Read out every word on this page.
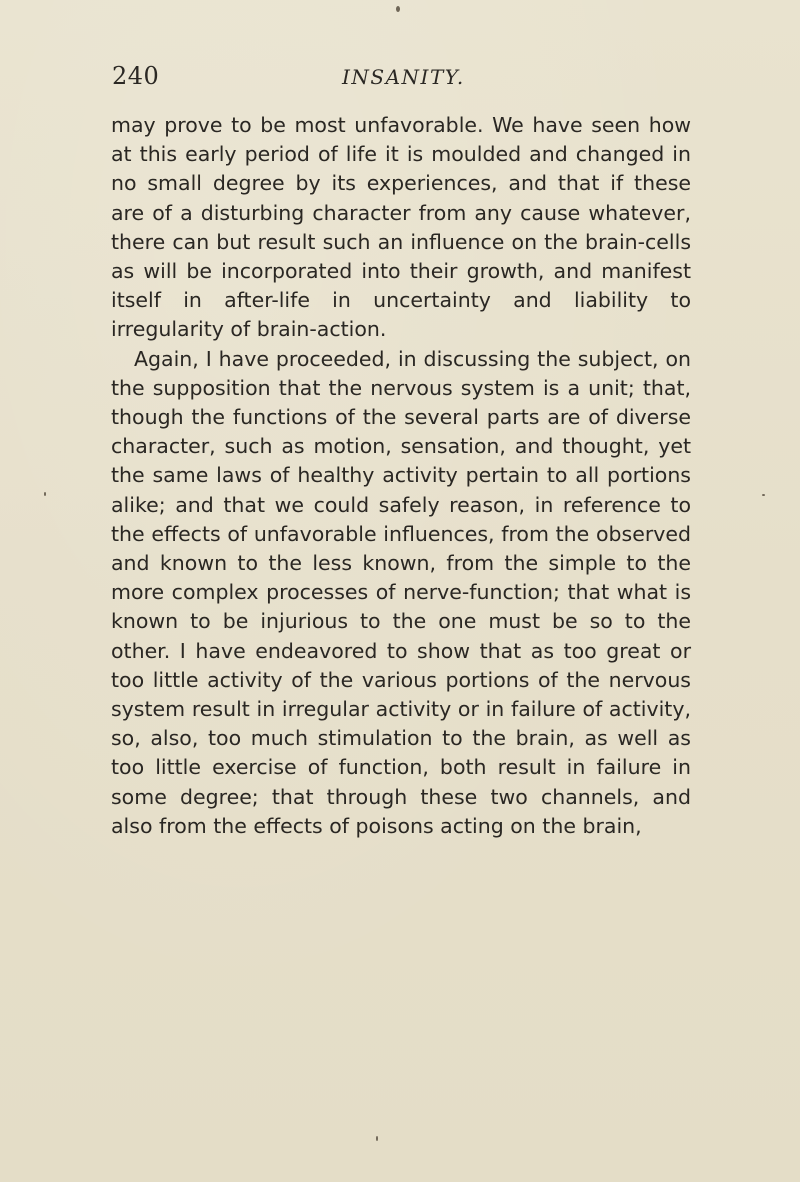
240	INSANITY.

may prove to be most unfavorable. We have seen how at this early period of life it is moulded and changed in no small degree by its experiences, and that if these are of a disturbing character from any cause whatever, there can but result such an influence on the brain-cells as will be incorporated into their growth, and manifest itself in after-life in uncertainty and liability to irregularity of brain-action.

Again, I have proceeded, in discussing the subject, on the supposition that the nervous system is a unit; that, though the functions of the several parts are of diverse character, such as motion, sensation, and thought, yet the same laws of healthy activity pertain to all portions alike; and that we could safely reason, in reference to the effects of unfavorable influences, from the observed and known to the less known, from the simple to the more complex processes of nerve-function; that what is known to be injurious to the one must be so to the other. I have endeavored to show that as too great or too little activity of the various portions of the nervous system result in irregular activity or in failure of activity, so, also, too much stimulation to the brain, as well as too little exercise of function, both result in failure in some degree; that through these two channels, and also from the effects of poisons acting on the brain,
